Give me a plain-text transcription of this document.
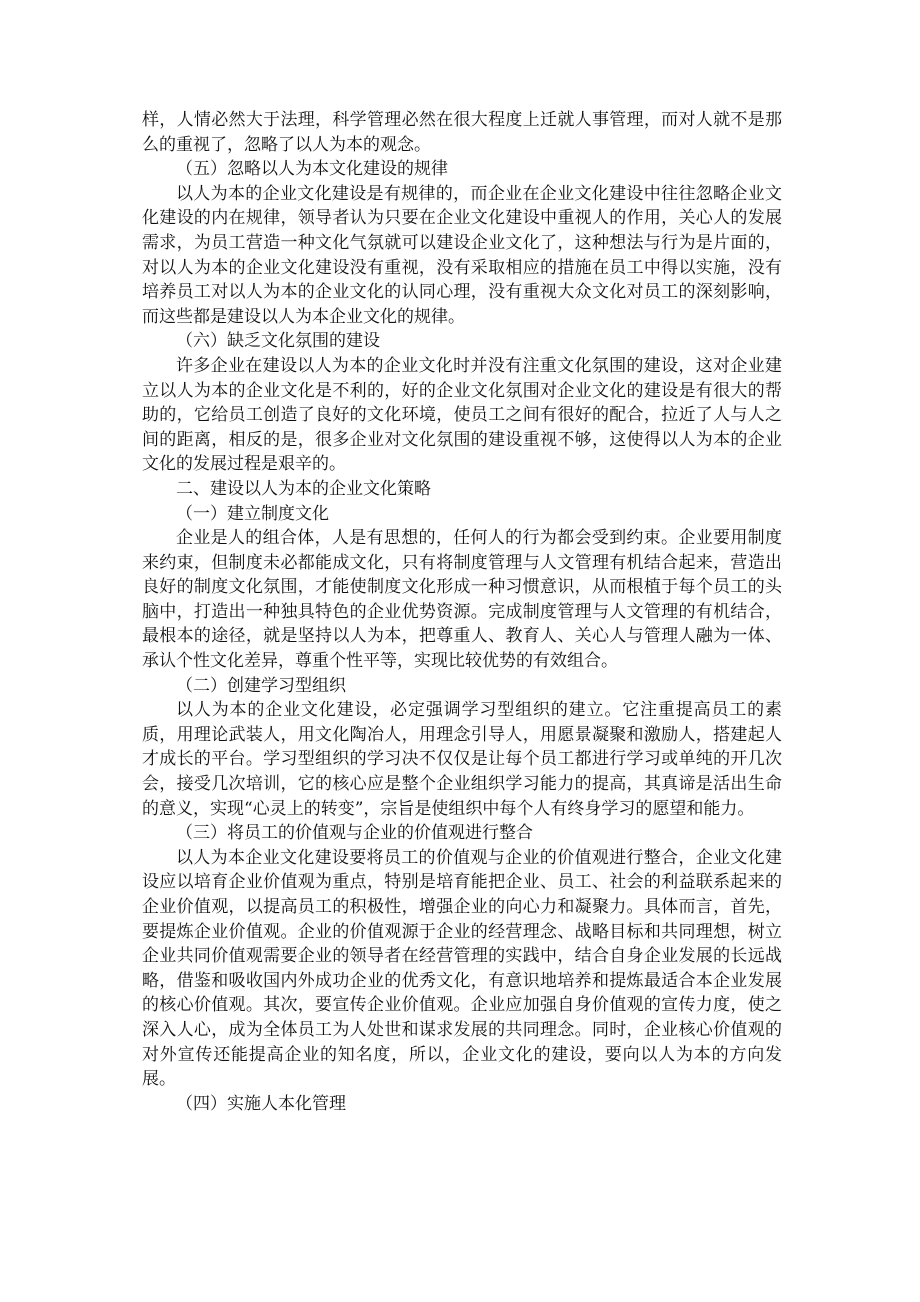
样，人情必然大于法理，科学管理必然在很大程度上迁就人事管理，而对人就不是那么的重视了，忽略了以人为本的观念。

（五）忽略以人为本文化建设的规律

以人为本的企业文化建设是有规律的，而企业在企业文化建设中往往忽略企业文化建设的内在规律，领导者认为只要在企业文化建设中重视人的作用，关心人的发展需求，为员工营造一种文化气氛就可以建设企业文化了，这种想法与行为是片面的，对以人为本的企业文化建设没有重视，没有采取相应的措施在员工中得以实施，没有培养员工对以人为本的企业文化的认同心理，没有重视大众文化对员工的深刻影响，而这些都是建设以人为本企业文化的规律。

（六）缺乏文化氛围的建设

许多企业在建设以人为本的企业文化时并没有注重文化氛围的建设，这对企业建立以人为本的企业文化是不利的，好的企业文化氛围对企业文化的建设是有很大的帮助的，它给员工创造了良好的文化环境，使员工之间有很好的配合，拉近了人与人之间的距离，相反的是，很多企业对文化氛围的建设重视不够，这使得以人为本的企业文化的发展过程是艰辛的。

二、建设以人为本的企业文化策略

（一）建立制度文化

企业是人的组合体，人是有思想的，任何人的行为都会受到约束。企业要用制度来约束，但制度未必都能成文化，只有将制度管理与人文管理有机结合起来，营造出良好的制度文化氛围，才能使制度文化形成一种习惯意识，从而根植于每个员工的头脑中，打造出一种独具特色的企业优势资源。完成制度管理与人文管理的有机结合，最根本的途径，就是坚持以人为本，把尊重人、教育人、关心人与管理人融为一体、承认个性文化差异，尊重个性平等，实现比较优势的有效组合。

（二）创建学习型组织

以人为本的企业文化建设，必定强调学习型组织的建立。它注重提高员工的素质，用理论武装人，用文化陶冶人，用理念引导人，用愿景凝聚和激励人，搭建起人才成长的平台。学习型组织的学习决不仅仅是让每个员工都进行学习或单纯的开几次会，接受几次培训，它的核心应是整个企业组织学习能力的提高，其真谛是活出生命的意义，实现“心灵上的转变”，宗旨是使组织中每个人有终身学习的愿望和能力。

（三）将员工的价值观与企业的价值观进行整合

以人为本企业文化建设要将员工的价值观与企业的价值观进行整合，企业文化建设应以培育企业价值观为重点，特别是培育能把企业、员工、社会的利益联系起来的企业价值观，以提高员工的积极性，增强企业的向心力和凝聚力。具体而言，首先，要提炼企业价值观。企业的价值观源于企业的经营理念、战略目标和共同理想，树立企业共同价值观需要企业的领导者在经营管理的实践中，结合自身企业发展的长远战略，借鉴和吸收国内外成功企业的优秀文化，有意识地培养和提炼最适合本企业发展的核心价值观。其次，要宣传企业价值观。企业应加强自身价值观的宣传力度，使之深入人心，成为全体员工为人处世和谋求发展的共同理念。同时，企业核心价值观的对外宣传还能提高企业的知名度，所以，企业文化的建设，要向以人为本的方向发展。

（四）实施人本化管理
